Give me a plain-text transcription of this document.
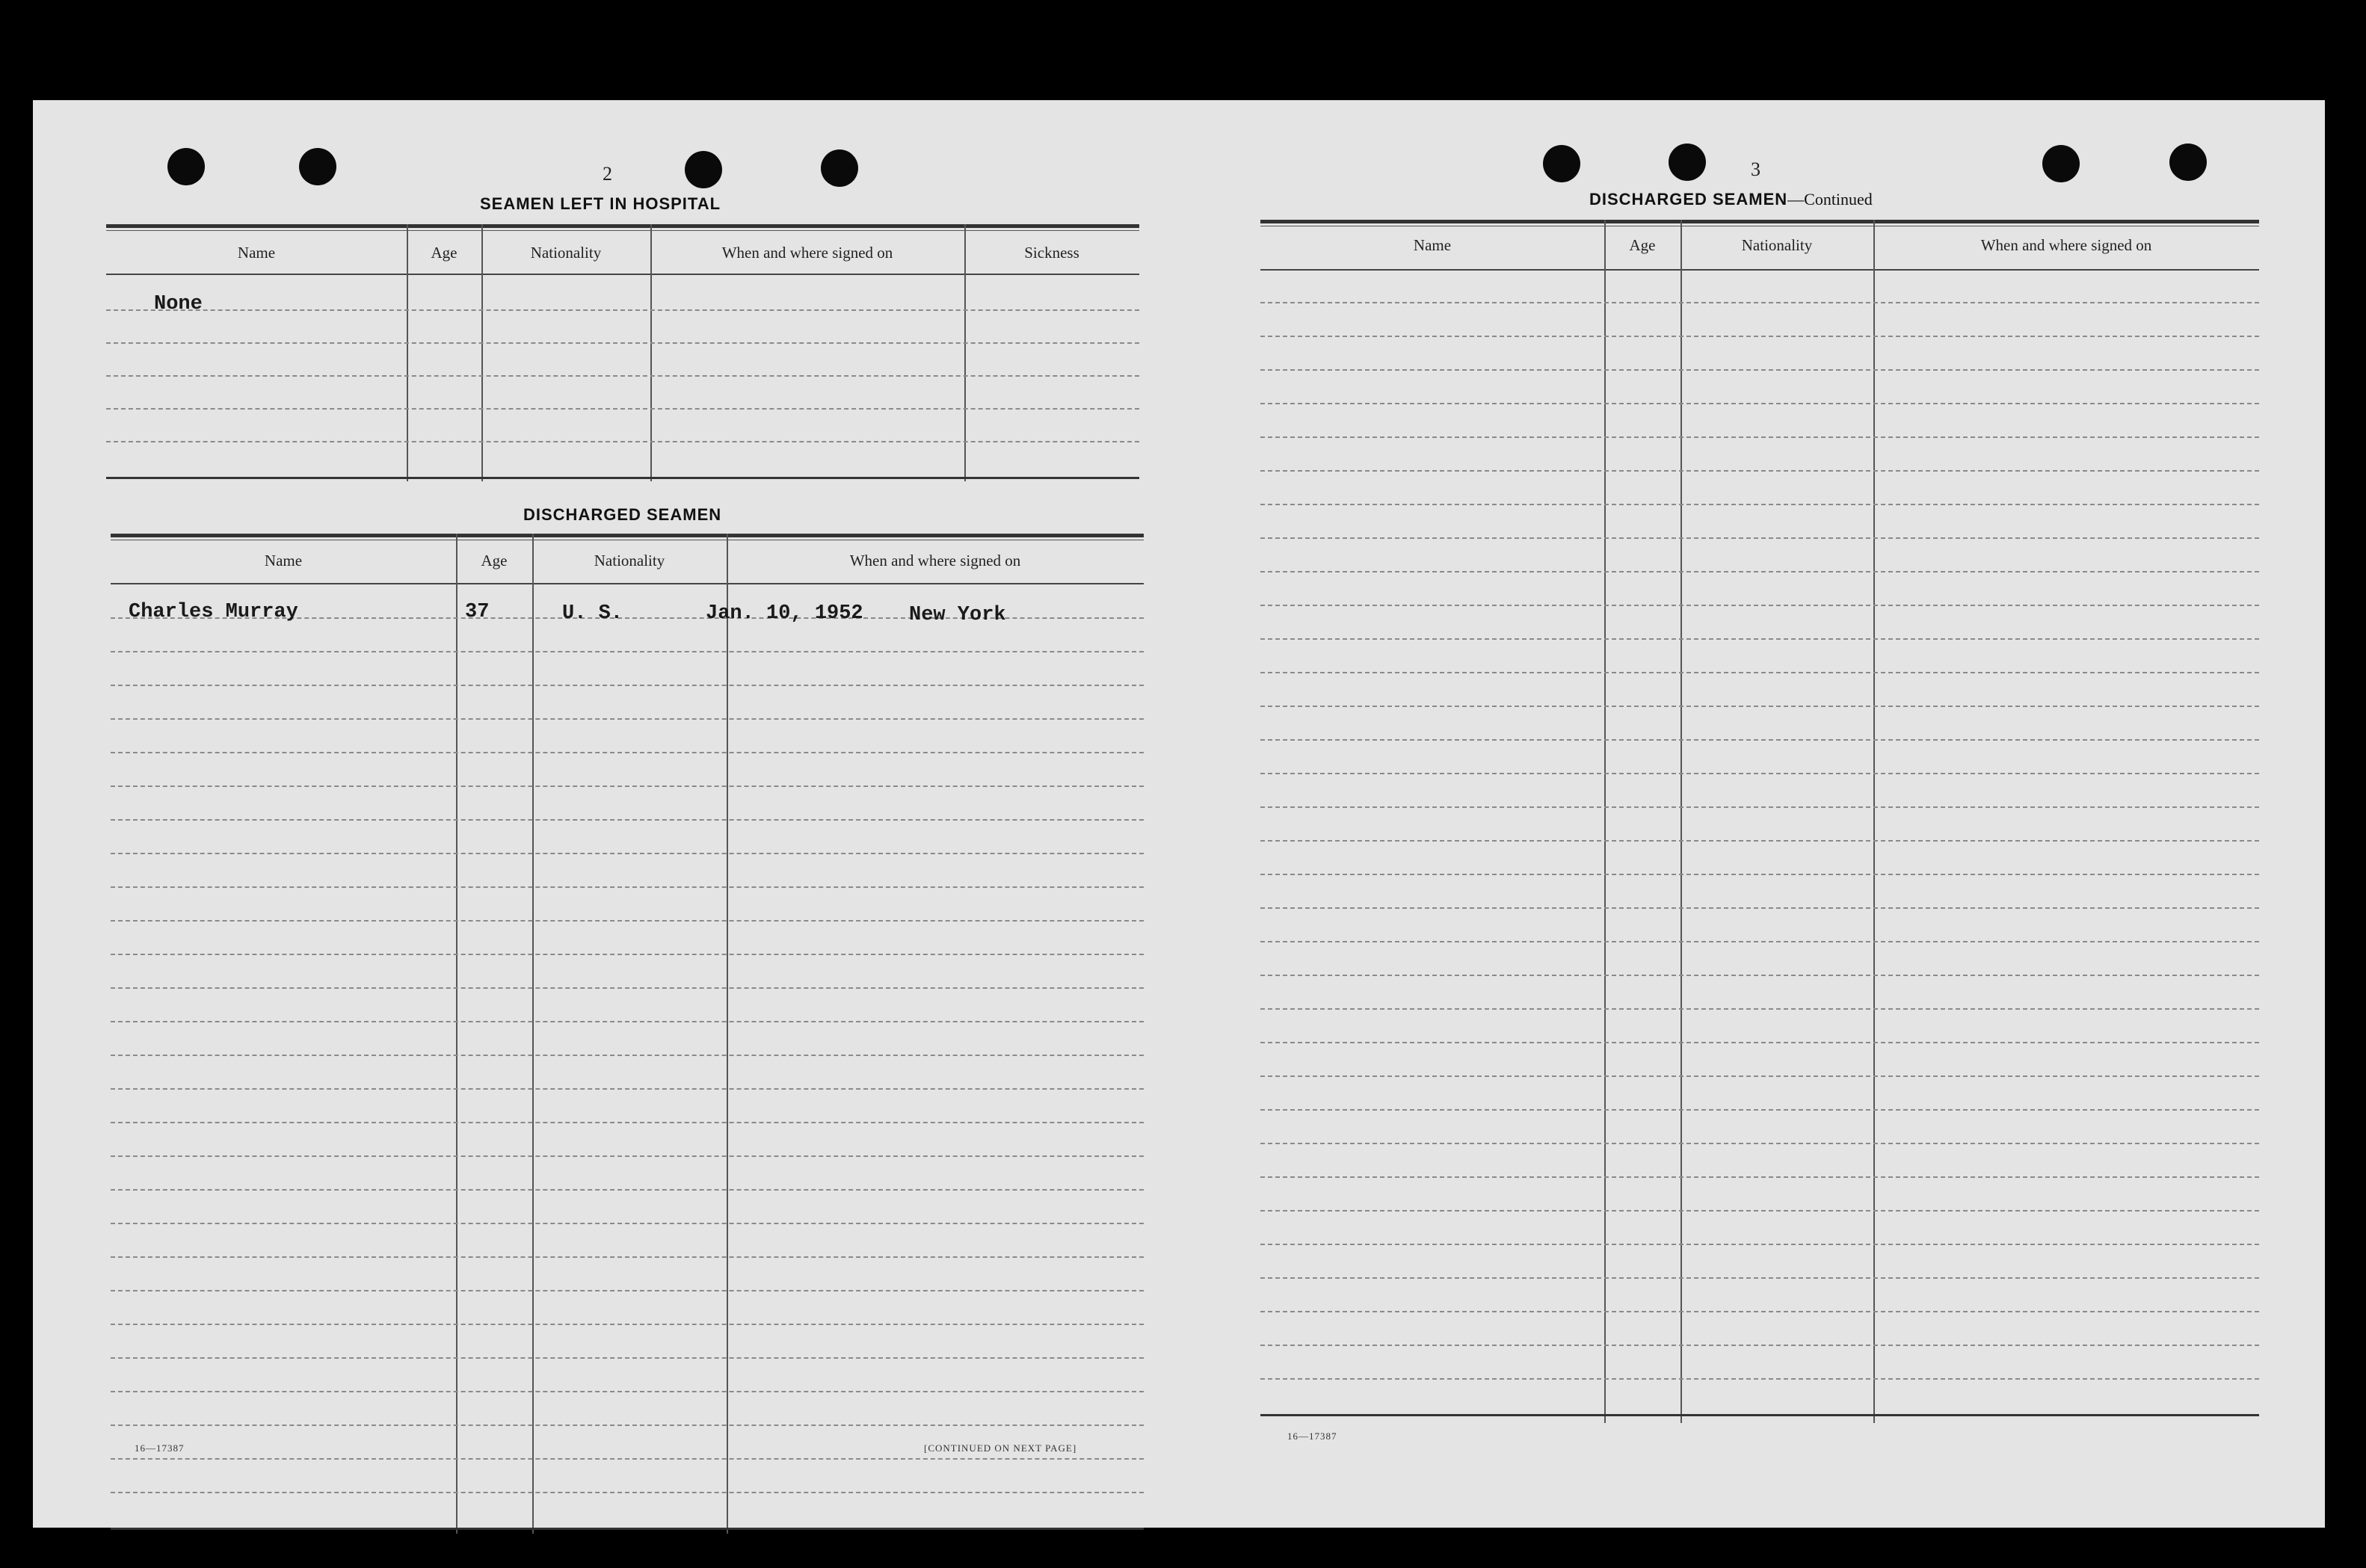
2
SEAMEN LEFT IN HOSPITAL
Name	Age	Nationality	When and where signed on	Sickness
None
DISCHARGED SEAMEN
Name	Age	Nationality	When and where signed on
Charles Murray	37	U. S.	Jan. 10, 1952 New York
16—17387	[CONTINUED ON NEXT PAGE]
3
DISCHARGED SEAMEN—Continued
Name	Age	Nationality	When and where signed on
16—17387
